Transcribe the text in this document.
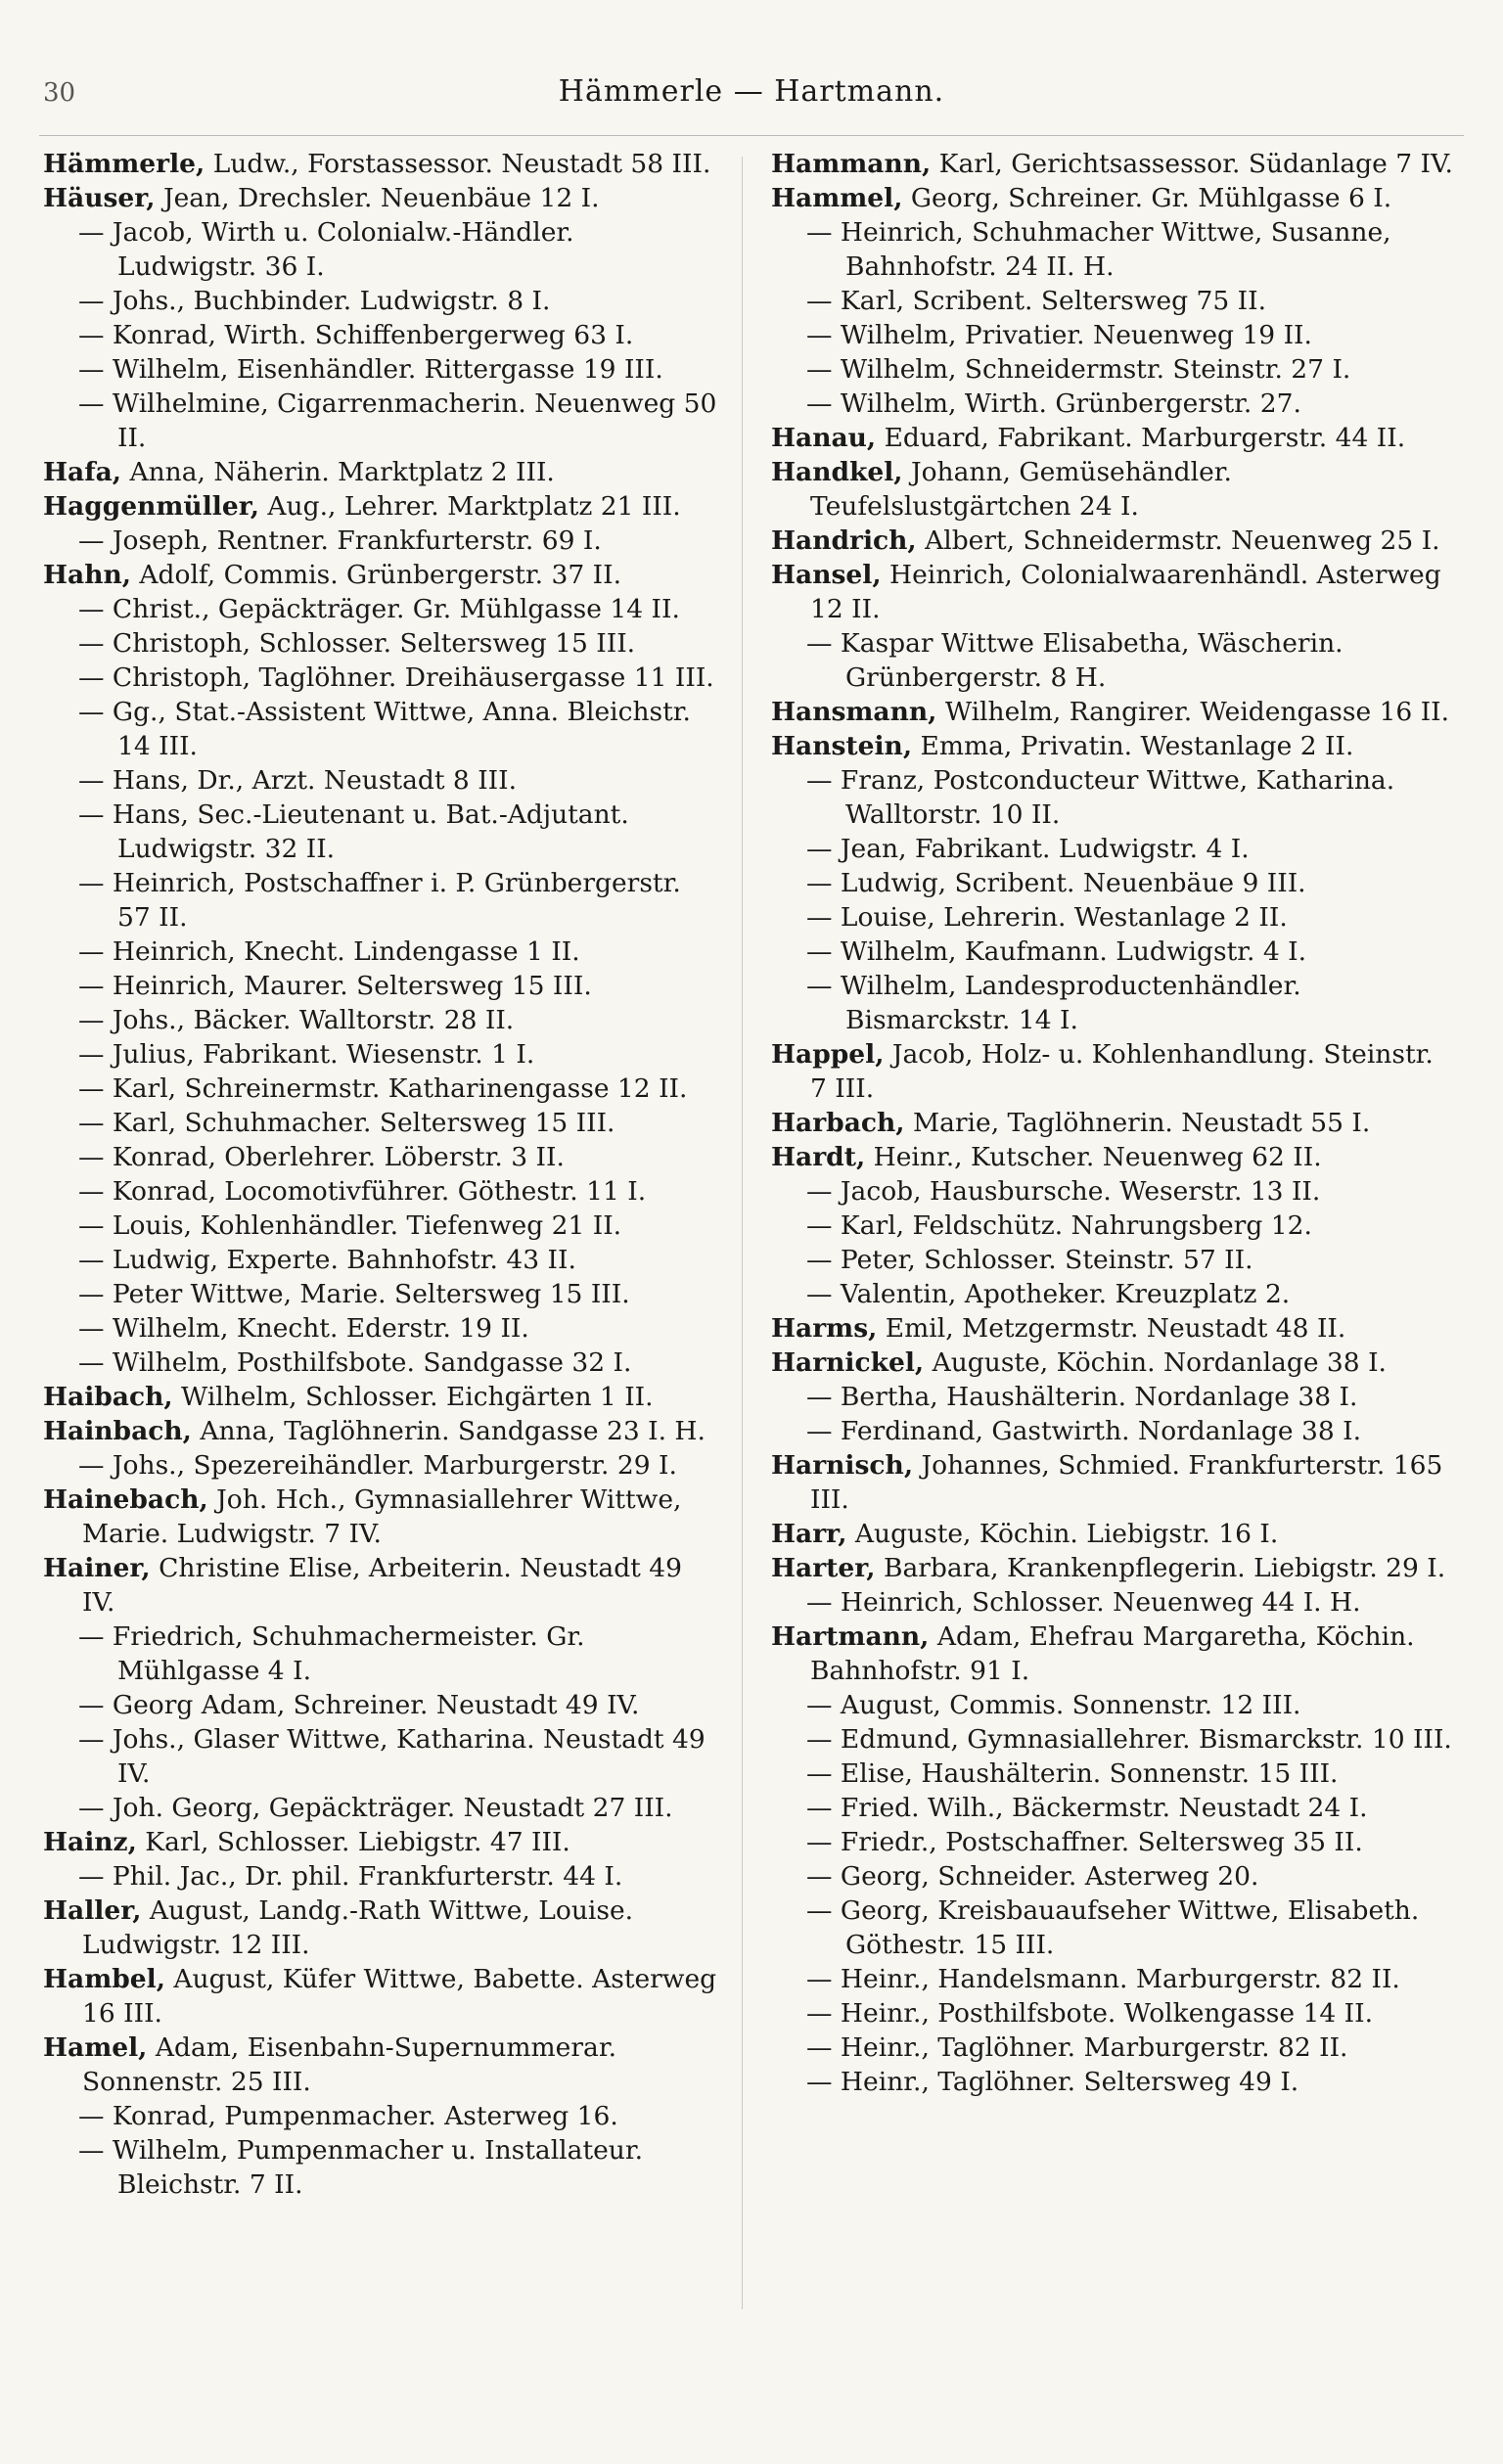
30	Hämmerle — Hartmann.

Hämmerle, Ludw., Forstassessor. Neustadt 58 III.

Häuser, Jean, Drechsler. Neuenbäue 12 I.

— Jacob, Wirth u. Colonialw.-Händler. Ludwigstr. 36 I.

— Johs., Buchbinder. Ludwigstr. 8 I.

— Konrad, Wirth. Schiffenbergerweg 63 I.

— Wilhelm, Eisenhändler. Rittergasse 19 III.

— Wilhelmine, Cigarrenmacherin. Neuenweg 50 II.

Hafa, Anna, Näherin. Marktplatz 2 III.

Haggenmüller, Aug., Lehrer. Marktplatz 21 III.

— Joseph, Rentner. Frankfurterstr. 69 I.

Hahn, Adolf, Commis. Grünbergerstr. 37 II.

— Christ., Gepäckträger. Gr. Mühlgasse 14 II.

— Christoph, Schlosser. Seltersweg 15 III.

— Christoph, Taglöhner. Dreihäusergasse 11 III.

— Gg., Stat.-Assistent Wittwe, Anna. Bleichstr. 14 III.

— Hans, Dr., Arzt. Neustadt 8 III.

— Hans, Sec.-Lieutenant u. Bat.-Adjutant. Ludwigstr. 32 II.

— Heinrich, Postschaffner i. P. Grünbergerstr. 57 II.

— Heinrich, Knecht. Lindengasse 1 II.

— Heinrich, Maurer. Seltersweg 15 III.

— Johs., Bäcker. Walltorstr. 28 II.

— Julius, Fabrikant. Wiesenstr. 1 I.

— Karl, Schreinermstr. Katharinengasse 12 II.

— Karl, Schuhmacher. Seltersweg 15 III.

— Konrad, Oberlehrer. Löberstr. 3 II.

— Konrad, Locomotivführer. Göthestr. 11 I.

— Louis, Kohlenhändler. Tiefenweg 21 II.

— Ludwig, Experte. Bahnhofstr. 43 II.

— Peter Wittwe, Marie. Seltersweg 15 III.

— Wilhelm, Knecht. Ederstr. 19 II.

— Wilhelm, Posthilfsbote. Sandgasse 32 I.

Haibach, Wilhelm, Schlosser. Eichgärten 1 II.

Hainbach, Anna, Taglöhnerin. Sandgasse 23 I. H.

— Johs., Spezereihändler. Marburgerstr. 29 I.

Hainebach, Joh. Hch., Gymnasiallehrer Wittwe, Marie. Ludwigstr. 7 IV.

Hainer, Christine Elise, Arbeiterin. Neustadt 49 IV.

— Friedrich, Schuhmachermeister. Gr. Mühlgasse 4 I.

— Georg Adam, Schreiner. Neustadt 49 IV.

— Johs., Glaser Wittwe, Katharina. Neustadt 49 IV.

— Joh. Georg, Gepäckträger. Neustadt 27 III.

Hainz, Karl, Schlosser. Liebigstr. 47 III.

— Phil. Jac., Dr. phil. Frankfurterstr. 44 I.

Haller, August, Landg.-Rath Wittwe, Louise. Ludwigstr. 12 III.

Hambel, August, Küfer Wittwe, Babette. Asterweg 16 III.

Hamel, Adam, Eisenbahn-Supernummerar. Sonnenstr. 25 III.

— Konrad, Pumpenmacher. Asterweg 16.

— Wilhelm, Pumpenmacher u. Installateur. Bleichstr. 7 II.

Hammann, Karl, Gerichtsassessor. Südanlage 7 IV.

Hammel, Georg, Schreiner. Gr. Mühlgasse 6 I.

— Heinrich, Schuhmacher Wittwe, Susanne, Bahnhofstr. 24 II. H.

— Karl, Scribent. Seltersweg 75 II.

— Wilhelm, Privatier. Neuenweg 19 II.

— Wilhelm, Schneidermstr. Steinstr. 27 I.

— Wilhelm, Wirth. Grünbergerstr. 27.

Hanau, Eduard, Fabrikant. Marburgerstr. 44 II.

Handkel, Johann, Gemüsehändler. Teufelslustgärtchen 24 I.

Handrich, Albert, Schneidermstr. Neuenweg 25 I.

Hansel, Heinrich, Colonialwaarenhändl. Asterweg 12 II.

— Kaspar Wittwe Elisabetha, Wäscherin. Grünbergerstr. 8 H.

Hansmann, Wilhelm, Rangirer. Weidengasse 16 II.

Hanstein, Emma, Privatin. Westanlage 2 II.

— Franz, Postconducteur Wittwe, Katharina. Walltorstr. 10 II.

— Jean, Fabrikant. Ludwigstr. 4 I.

— Ludwig, Scribent. Neuenbäue 9 III.

— Louise, Lehrerin. Westanlage 2 II.

— Wilhelm, Kaufmann. Ludwigstr. 4 I.

— Wilhelm, Landesproductenhändler. Bismarckstr. 14 I.

Happel, Jacob, Holz- u. Kohlenhandlung. Steinstr. 7 III.

Harbach, Marie, Taglöhnerin. Neustadt 55 I.

Hardt, Heinr., Kutscher. Neuenweg 62 II.

— Jacob, Hausbursche. Weserstr. 13 II.

— Karl, Feldschütz. Nahrungsberg 12.

— Peter, Schlosser. Steinstr. 57 II.

— Valentin, Apotheker. Kreuzplatz 2.

Harms, Emil, Metzgermstr. Neustadt 48 II.

Harnickel, Auguste, Köchin. Nordanlage 38 I.

— Bertha, Haushälterin. Nordanlage 38 I.

— Ferdinand, Gastwirth. Nordanlage 38 I.

Harnisch, Johannes, Schmied. Frankfurterstr. 165 III.

Harr, Auguste, Köchin. Liebigstr. 16 I.

Harter, Barbara, Krankenpflegerin. Liebigstr. 29 I.

— Heinrich, Schlosser. Neuenweg 44 I. H.

Hartmann, Adam, Ehefrau Margaretha, Köchin. Bahnhofstr. 91 I.

— August, Commis. Sonnenstr. 12 III.

— Edmund, Gymnasiallehrer. Bismarckstr. 10 III.

— Elise, Haushälterin. Sonnenstr. 15 III.

— Fried. Wilh., Bäckermstr. Neustadt 24 I.

— Friedr., Postschaffner. Seltersweg 35 II.

— Georg, Schneider. Asterweg 20.

— Georg, Kreisbauaufseher Wittwe, Elisabeth. Göthestr. 15 III.

— Heinr., Handelsmann. Marburgerstr. 82 II.

— Heinr., Posthilfsbote. Wolkengasse 14 II.

— Heinr., Taglöhner. Marburgerstr. 82 II.

— Heinr., Taglöhner. Seltersweg 49 I.
